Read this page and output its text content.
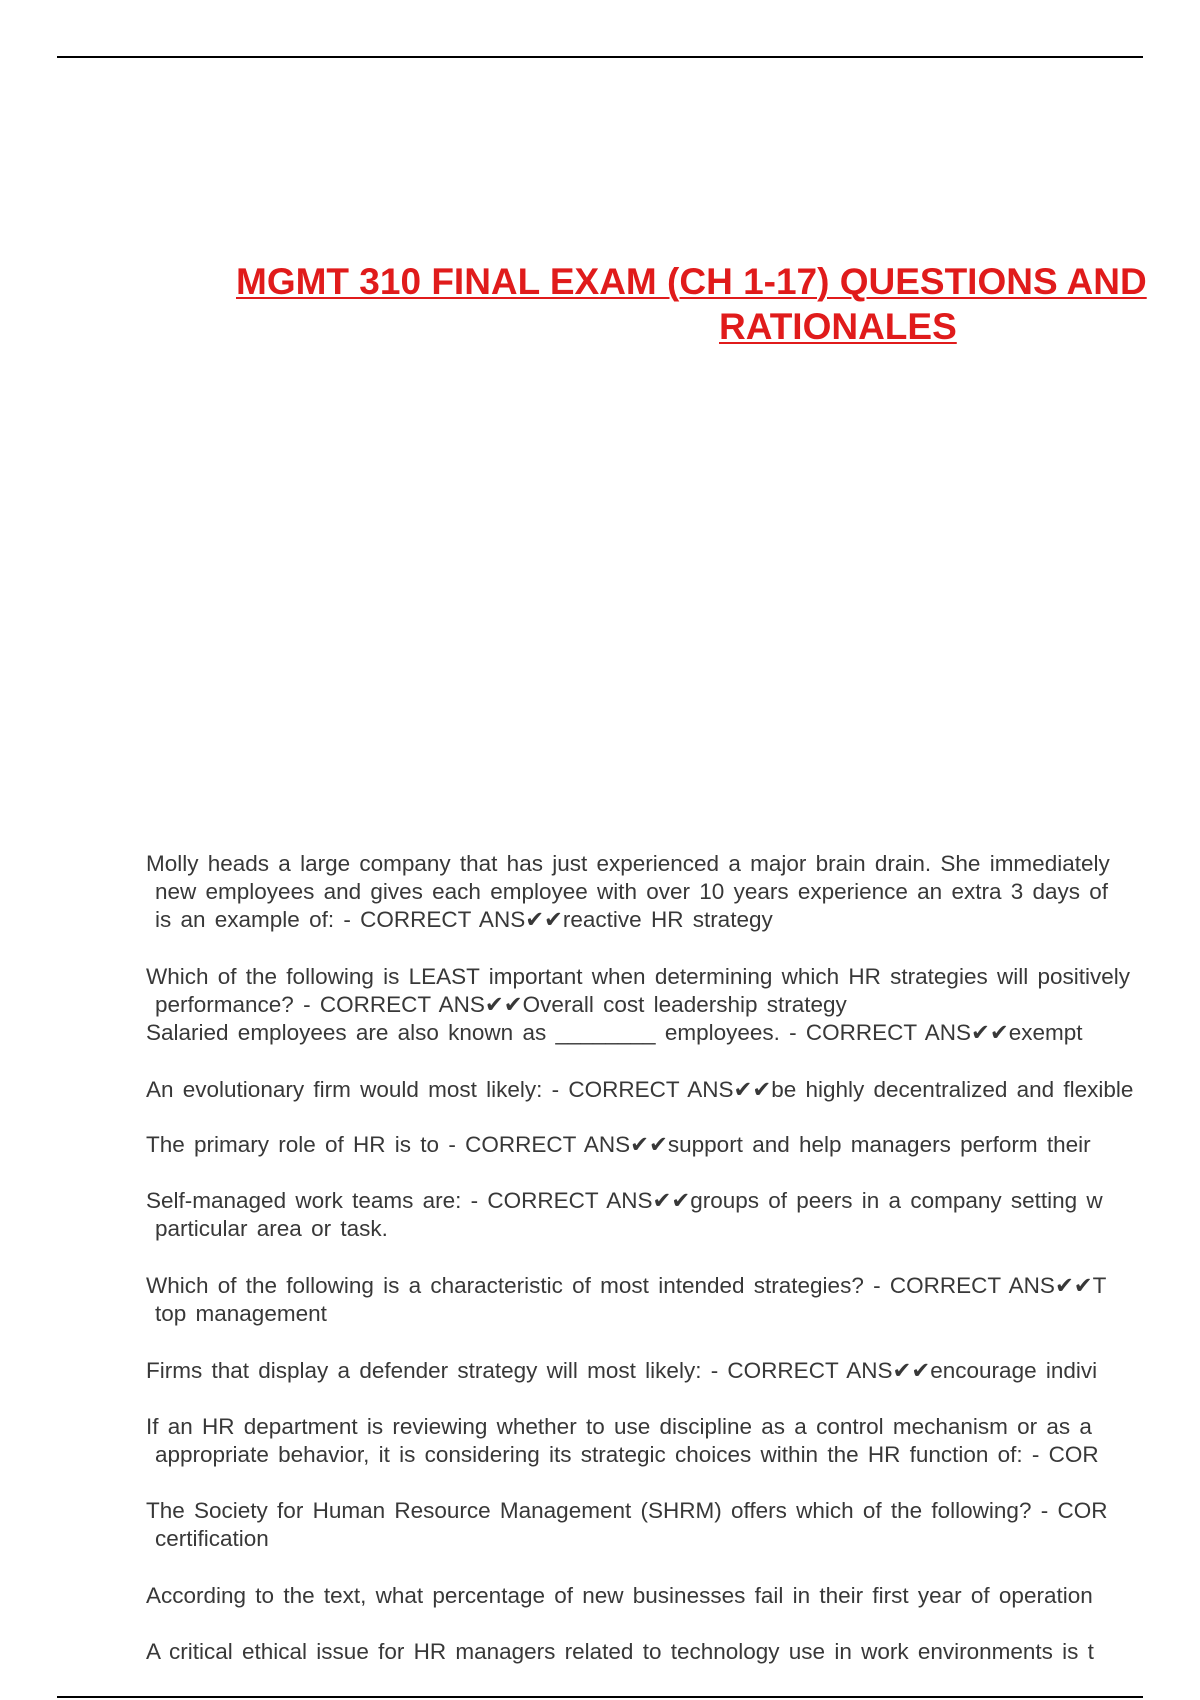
MGMT 310 FINAL EXAM (CH 1-17) QUESTIONS AND
RATIONALES
Molly heads a large company that has just experienced a major brain drain. She immediately
new employees and gives each employee with over 10 years experience an extra 3 days of
is an example of: - CORRECT ANS✔✔reactive HR strategy
Which of the following is LEAST important when determining which HR strategies will positively
performance? - CORRECT ANS✔✔Overall cost leadership strategy
Salaried employees are also known as ________ employees. - CORRECT ANS✔✔exempt
An evolutionary firm would most likely: - CORRECT ANS✔✔be highly decentralized and flexible
The primary role of HR is to - CORRECT ANS✔✔support and help managers perform their
Self-managed work teams are: - CORRECT ANS✔✔groups of peers in a company setting w
particular area or task.
Which of the following is a characteristic of most intended strategies? - CORRECT ANS✔✔T
top management
Firms that display a defender strategy will most likely: - CORRECT ANS✔✔encourage indivi
If an HR department is reviewing whether to use discipline as a control mechanism or as a
appropriate behavior, it is considering its strategic choices within the HR function of: - COR
The Society for Human Resource Management (SHRM) offers which of the following? - COR
certification
According to the text, what percentage of new businesses fail in their first year of operation
A critical ethical issue for HR managers related to technology use in work environments is t
